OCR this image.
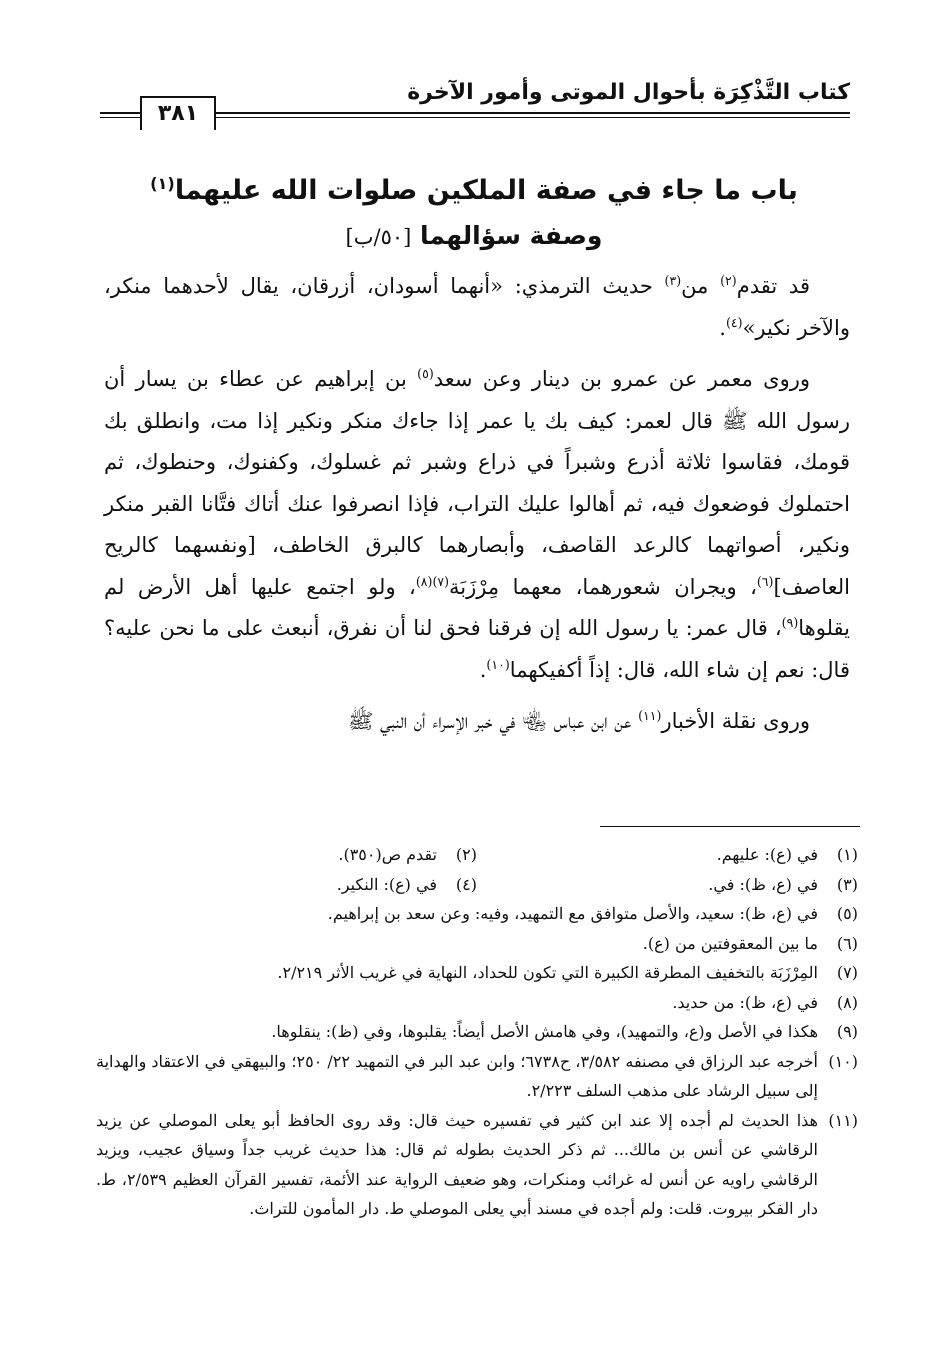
كتاب التَّذْكِرَة بأحوال الموتى وأمور الآخرة
٣٨١
باب ما جاء في صفة الملكين صلوات الله عليهما$^{(١)}$
وصفة سؤالهما [٥٠/ب]

قد تقدم$^{(٢)}$ من$^{(٣)}$ حديث الترمذي: «أنهما أسودان، أزرقان، يقال لأحدهما منكر، والآخر نكير»$^{(٤)}$.

وروى معمر عن عمرو بن دينار وعن سعد$^{(٥)}$ بن إبراهيم عن عطاء بن يسار أن رسول الله ﷺ قال لعمر: كيف بك يا عمر إذا جاءك منكر ونكير إذا مت، وانطلق بك قومك، فقاسوا ثلاثة أذرع وشبراً في ذراع وشبر ثم غسلوك، وكفنوك، وحنطوك، ثم احتملوك فوضعوك فيه، ثم أهالوا عليك التراب، فإذا انصرفوا عنك أتاك فتَّانا القبر منكر ونكير، أصواتهما كالرعد القاصف، وأبصارهما كالبرق الخاطف، [ونفسهما كالريح العاصف]$^{(٦)}$، ويجران شعورهما، معهما مِرْزَبَة$^{(٧)(٨)}$، ولو اجتمع عليها أهل الأرض لم يقلوها$^{(٩)}$، قال عمر: يا رسول الله إن فرقنا فحق لنا أن نفرق، أنبعث على ما نحن عليه؟ قال: نعم إن شاء الله، قال: إذاً أكفيكهما$^{(١٠)}$.

وروى نقلة الأخبار$^{(١١)}$ عن ابن عباس ﵄ في خبر الإسراء أن النبي ﷺ

(١)
في (ع): عليهم.
(٢)
تقدم ص(٣٥٠).
(٣)
في (ع، ظ): في.
(٤)
في (ع): النكير.
(٥)
في (ع، ظ): سعيد، والأصل متوافق مع التمهيد، وفيه: وعن سعد بن إبراهيم.
(٦)
ما بين المعقوفتين من (ع).
(٧)
المِرْزَبَة بالتخفيف المطرقة الكبيرة التي تكون للحداد، النهاية في غريب الأثر ٢/٢١٩.
(٨)
في (ع، ظ): من حديد.
(٩)
هكذا في الأصل و(ع، والتمهيد)، وفي هامش الأصل أيضاً: يقلبوها، وفي (ظ): ينقلوها.
(١٠)
أخرجه عبد الرزاق في مصنفه ٣/٥٨٢، ح٦٧٣٨؛ وابن عبد البر في التمهيد ٢٢/ ٢٥٠؛ والبيهقي في الاعتقاد والهداية إلى سبيل الرشاد على مذهب السلف ٢/٢٢٣.
(١١)
هذا الحديث لم أجده إلا عند ابن كثير في تفسيره حيث قال: وقد روى الحافظ أبو يعلى الموصلي عن يزيد الرقاشي عن أنس بن مالك... ثم ذكر الحديث بطوله ثم قال: هذا حديث غريب جداً وسياق عجيب، ويزيد الرقاشي راويه عن أنس له غرائب ومنكرات، وهو ضعيف الرواية عند الأئمة، تفسير القرآن العظيم ٢/٥٣٩، ط. دار الفكر بيروت. قلت: ولم أجده في مسند أبي يعلى الموصلي ط. دار المأمون للتراث.
